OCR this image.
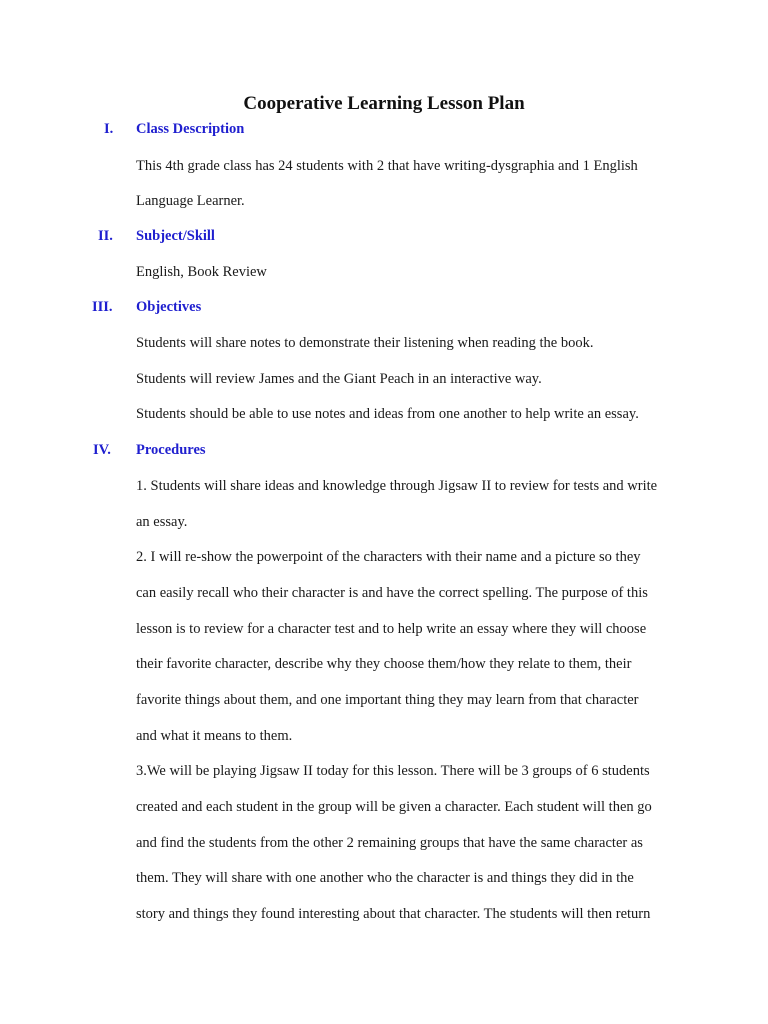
Cooperative Learning Lesson Plan
I. Class Description
This 4th grade class has 24 students with 2 that have writing-dysgraphia and 1 English
Language Learner.
II. Subject/Skill
English, Book Review
III. Objectives
Students will share notes to demonstrate their listening when reading the book.
Students will review James and the Giant Peach in an interactive way.
Students should be able to use notes and ideas from one another to help write an essay.
IV. Procedures
1. Students will share ideas and knowledge through Jigsaw II to review for tests and write
an essay.
2. I will re-show the powerpoint of the characters with their name and a picture so they
can easily recall who their character is and have the correct spelling. The purpose of this
lesson is to review for a character test and to help write an essay where they will choose
their favorite character, describe why they choose them/how they relate to them, their
favorite things about them, and one important thing they may learn from that character
and what it means to them.
3.We will be playing Jigsaw II today for this lesson. There will be 3 groups of 6 students
created and each student in the group will be given a character. Each student will then go
and find the students from the other 2 remaining groups that have the same character as
them. They will share with one another who the character is and things they did in the
story and things they found interesting about that character. The students will then return
